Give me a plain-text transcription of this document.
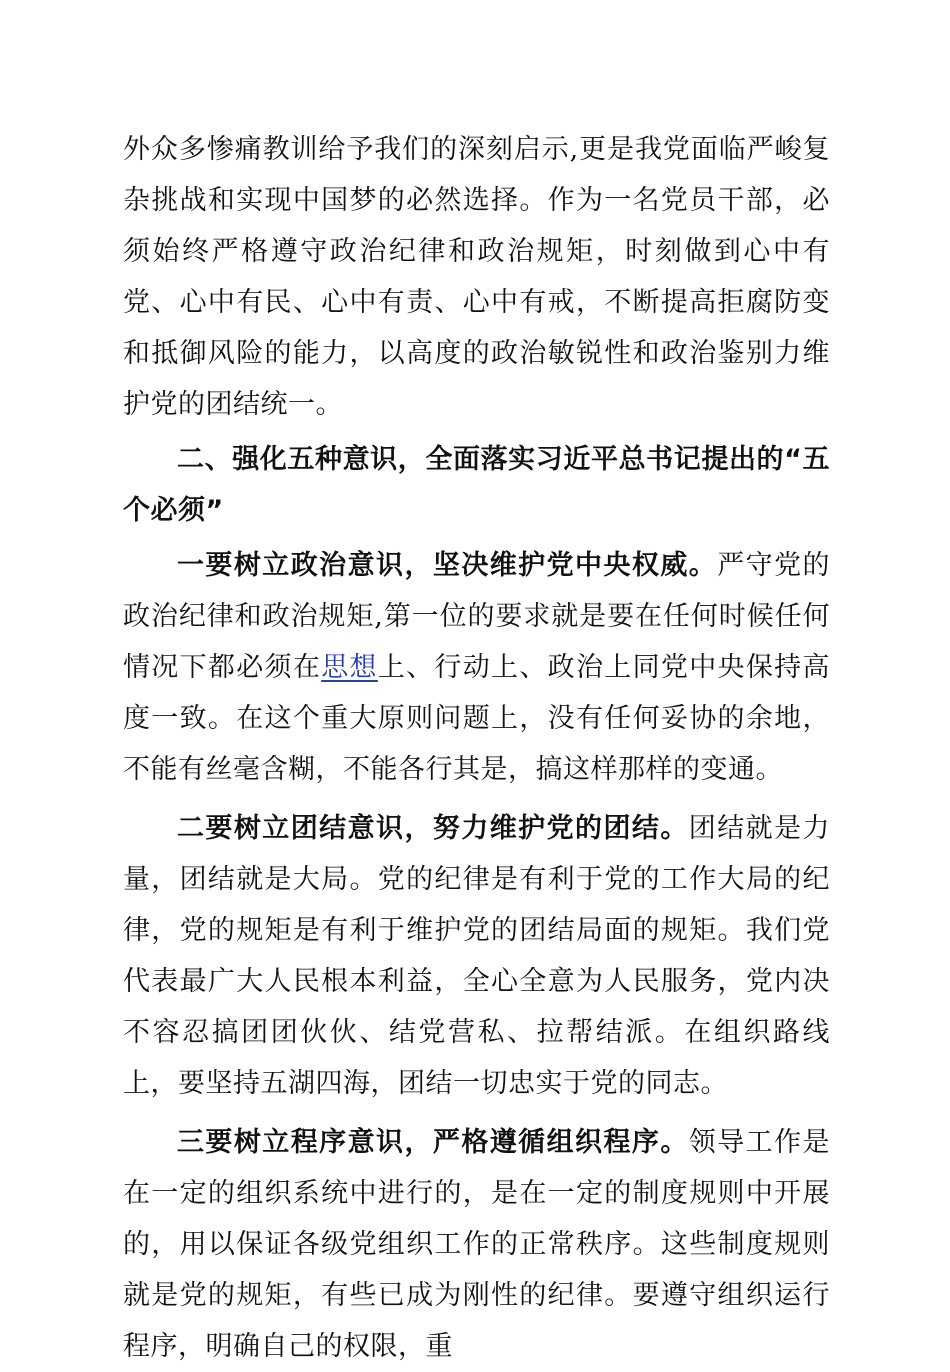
外众多惨痛教训给予我们的深刻启示,更是我党面临严峻复杂挑战和实现中国梦的必然选择。作为一名党员干部，必须始终严格遵守政治纪律和政治规矩，时刻做到心中有党、心中有民、心中有责、心中有戒，不断提高拒腐防变和抵御风险的能力，以高度的政治敏锐性和政治鉴别力维护党的团结统一。

二、强化五种意识，全面落实习近平总书记提出的“五个必须”

一要树立政治意识，坚决维护党中央权威。严守党的政治纪律和政治规矩,第一位的要求就是要在任何时候任何情况下都必须在思想上、行动上、政治上同党中央保持高度一致。在这个重大原则问题上，没有任何妥协的余地，不能有丝毫含糊，不能各行其是，搞这样那样的变通。

二要树立团结意识，努力维护党的团结。团结就是力量，团结就是大局。党的纪律是有利于党的工作大局的纪律，党的规矩是有利于维护党的团结局面的规矩。我们党代表最广大人民根本利益，全心全意为人民服务，党内决不容忍搞团团伙伙、结党营私、拉帮结派。在组织路线上，要坚持五湖四海，团结一切忠实于党的同志。

三要树立程序意识，严格遵循组织程序。领导工作是在一定的组织系统中进行的，是在一定的制度规则中开展的，用以保证各级党组织工作的正常秩序。这些制度规则就是党的规矩，有些已成为刚性的纪律。要遵守组织运行程序，明确自己的权限，重
